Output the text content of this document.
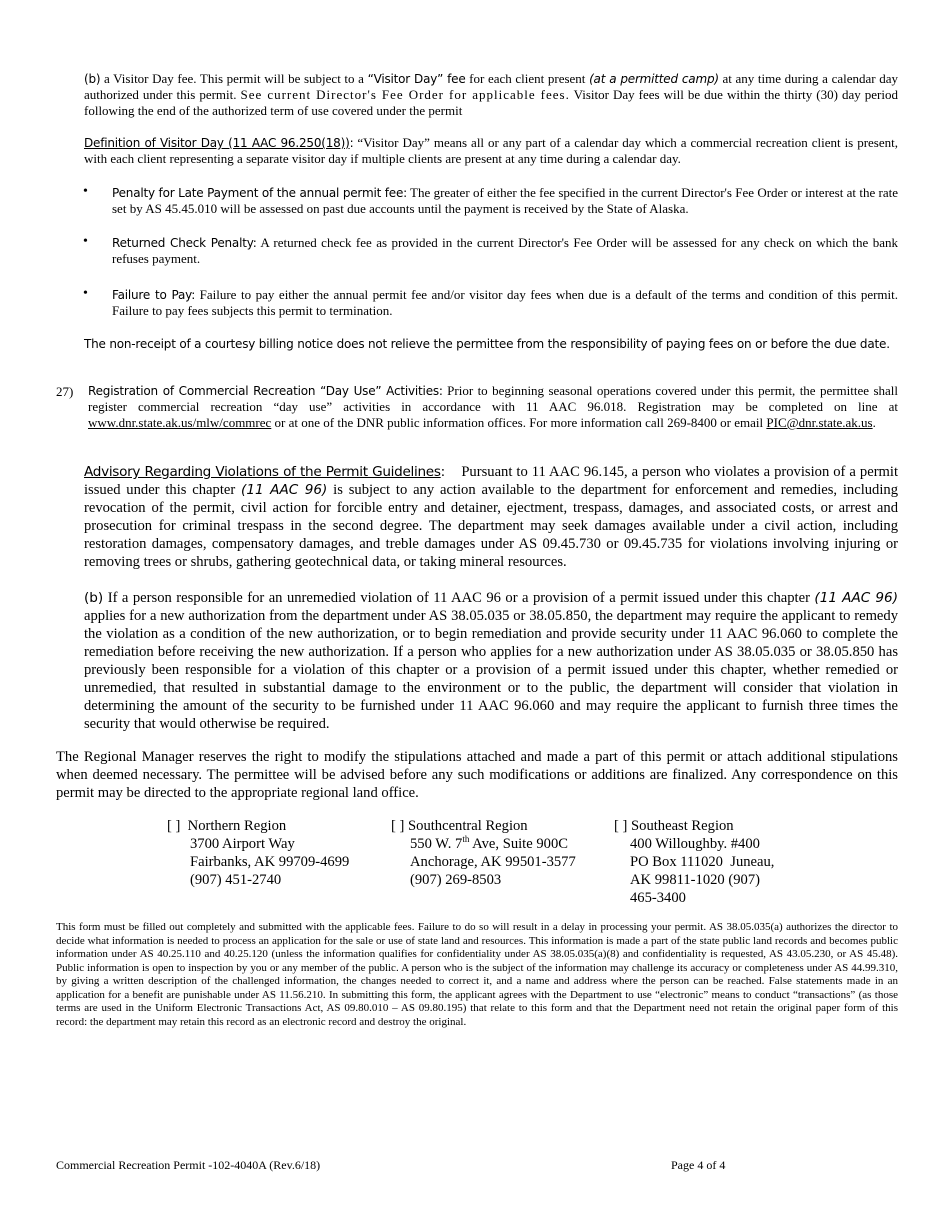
(b) a Visitor Day fee. This permit will be subject to a “Visitor Day” fee for each client present (at a permitted camp) at any time during a calendar day authorized under this permit. See current Director's Fee Order for applicable fees. Visitor Day fees will be due within the thirty (30) day period following the end of the authorized term of use covered under the permit
Definition of Visitor Day (11 AAC 96.250(18)): “Visitor Day” means all or any part of a calendar day which a commercial recreation client is present, with each client representing a separate visitor day if multiple clients are present at any time during a calendar day.
• Penalty for Late Payment of the annual permit fee: The greater of either the fee specified in the current Director's Fee Order or interest at the rate set by AS 45.45.010 will be assessed on past due accounts until the payment is received by the State of Alaska.
• Returned Check Penalty: A returned check fee as provided in the current Director's Fee Order will be assessed for any check on which the bank refuses payment.
• Failure to Pay: Failure to pay either the annual permit fee and/or visitor day fees when due is a default of the terms and condition of this permit. Failure to pay fees subjects this permit to termination.
The non-receipt of a courtesy billing notice does not relieve the permittee from the responsibility of paying fees on or before the due date.
27) Registration of Commercial Recreation “Day Use” Activities: Prior to beginning seasonal operations covered under this permit, the permittee shall register commercial recreation “day use” activities in accordance with 11 AAC 96.018. Registration may be completed on line at www.dnr.state.ak.us/mlw/commrec or at one of the DNR public information offices. For more information call 269-8400 or email PIC@dnr.state.ak.us.
Advisory Regarding Violations of the Permit Guidelines:    Pursuant to 11 AAC 96.145, a person who violates a provision of a permit issued under this chapter (11 AAC 96) is subject to any action available to the department for enforcement and remedies, including revocation of the permit, civil action for forcible entry and detainer, ejectment, trespass, damages, and associated costs, or arrest and prosecution for criminal trespass in the second degree. The department may seek damages available under a civil action, including restoration damages, compensatory damages, and treble damages under AS 09.45.730 or 09.45.735 for violations involving injuring or removing trees or shrubs, gathering geotechnical data, or taking mineral resources.
(b) If a person responsible for an unremedied violation of 11 AAC 96 or a provision of a permit issued under this chapter (11 AAC 96) applies for a new authorization from the department under AS 38.05.035 or 38.05.850, the department may require the applicant to remedy the violation as a condition of the new authorization, or to begin remediation and provide security under 11 AAC 96.060 to complete the remediation before receiving the new authorization. If a person who applies for a new authorization under AS 38.05.035 or 38.05.850 has previously been responsible for a violation of this chapter or a provision of a permit issued under this chapter, whether remedied or unremedied, that resulted in substantial damage to the environment or to the public, the department will consider that violation in determining the amount of the security to be furnished under 11 AAC 96.060 and may require the applicant to furnish three times the security that would otherwise be required.
The Regional Manager reserves the right to modify the stipulations attached and made a part of this permit or attach additional stipulations when deemed necessary. The permittee will be advised before any such modifications or additions are finalized. Any correspondence on this permit may be directed to the appropriate regional land office.
[ ] Northern Region
3700 Airport Way
Fairbanks, AK 99709-4699
(907) 451-2740
[ ] Southcentral Region
550 W. 7th Ave, Suite 900C
Anchorage, AK 99501-3577
(907) 269-8503
[ ] Southeast Region
400 Willoughby. #400
PO Box 111020  Juneau,
AK 99811-1020 (907)
465-3400
This form must be filled out completely and submitted with the applicable fees. Failure to do so will result in a delay in processing your permit. AS 38.05.035(a) authorizes the director to decide what information is needed to process an application for the sale or use of state land and resources. This information is made a part of the state public land records and becomes public information under AS 40.25.110 and 40.25.120 (unless the information qualifies for confidentiality under AS 38.05.035(a)(8) and confidentiality is requested, AS 43.05.230, or AS 45.48). Public information is open to inspection by you or any member of the public. A person who is the subject of the information may challenge its accuracy or completeness under AS 44.99.310, by giving a written description of the challenged information, the changes needed to correct it, and a name and address where the person can be reached. False statements made in an application for a benefit are punishable under AS 11.56.210. In submitting this form, the applicant agrees with the Department to use “electronic” means to conduct “transactions” (as those terms are used in the Uniform Electronic Transactions Act, AS 09.80.010 – AS 09.80.195) that relate to this form and that the Department need not retain the original paper form of this record: the department may retain this record as an electronic record and destroy the original.
Commercial Recreation Permit -102-4040A (Rev.6/18)	Page 4 of 4
